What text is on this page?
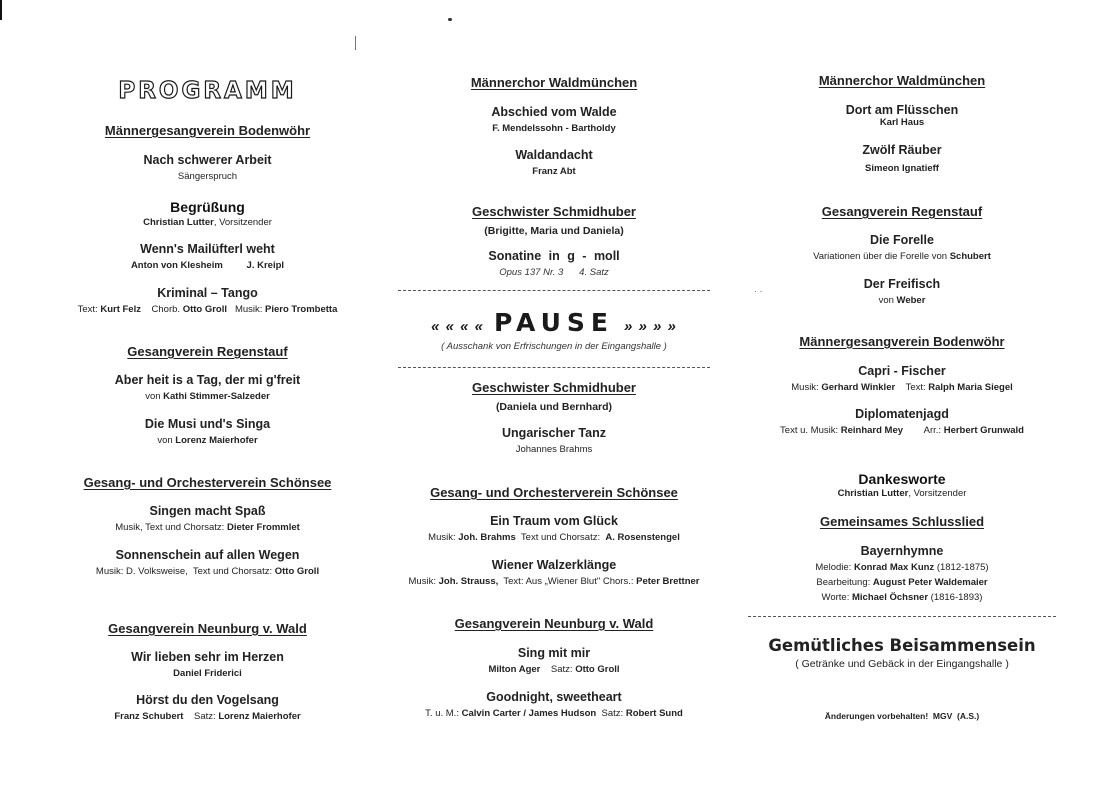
· ·
PROGRAMM
Männergesangverein Bodenwöhr
Nach schwerer Arbeit
Sängerspruch
Begrüßung
Christian Lutter, Vorsitzender
Wenn's Mailüfterl weht
Anton von Klesheim	J. Kreipl
Kriminal – Tango
Text: Kurt Felz Chorb. Otto Groll Musik: Piero Trombetta
Gesangverein Regenstauf
Aber heit is a Tag, der mi g'freit
von Kathi Stimmer-Salzeder
Die Musi und's Singa
von Lorenz Maierhofer
Gesang- und Orchesterverein Schönsee
Singen macht Spaß
Musik, Text und Chorsatz: Dieter Frommlet
Sonnenschein auf allen Wegen
Musik: D. Volksweise, Text und Chorsatz: Otto Groll
Gesangverein Neunburg v. Wald
Wir lieben sehr im Herzen
Daniel Friderici
Hörst du den Vogelsang
Franz Schubert Satz: Lorenz Maierhofer
Männerchor Waldmünchen
Abschied vom Walde
F. Mendelssohn - Bartholdy
Waldandacht
Franz Abt
Geschwister Schmidhuber
(Brigitte, Maria und Daniela)
Sonatine in g - moll
Opus 137 Nr. 3 4. Satz
« « « « PAUSE » » » »
( Ausschank von Erfrischungen in der Eingangshalle )
Geschwister Schmidhuber
(Daniela und Bernhard)
Ungarischer Tanz
Johannes Brahms
Gesang- und Orchesterverein Schönsee
Ein Traum vom Glück
Musik: Joh. Brahms Text und Chorsatz: A. Rosenstengel
Wiener Walzerklänge
Musik: Joh. Strauss, Text: Aus „Wiener Blut" Chors.: Peter Brettner
Gesangverein Neunburg v. Wald
Sing mit mir
Milton Ager Satz: Otto Groll
Goodnight, sweetheart
T. u. M.: Calvin Carter / James Hudson Satz: Robert Sund
Männerchor Waldmünchen
Dort am Flüsschen
Karl Haus
Zwölf Räuber
Simeon Ignatieff
Gesangverein Regenstauf
Die Forelle
Variationen über die Forelle von Schubert
Der Freifisch
von Weber
Männergesangverein Bodenwöhr
Capri - Fischer
Musik: Gerhard Winkler Text: Ralph Maria Siegel
Diplomatenjagd
Text u. Musik: Reinhard Mey Arr.: Herbert Grunwald
Dankesworte
Christian Lutter, Vorsitzender
Gemeinsames Schlusslied
Bayernhymne
Melodie: Konrad Max Kunz (1812-1875)
Bearbeitung: August Peter Waldemaier
Worte: Michael Öchsner (1816-1893)
Gemütliches Beisammensein
( Getränke und Gebäck in der Eingangshalle )
Änderungen vorbehalten! MGV (A.S.)
